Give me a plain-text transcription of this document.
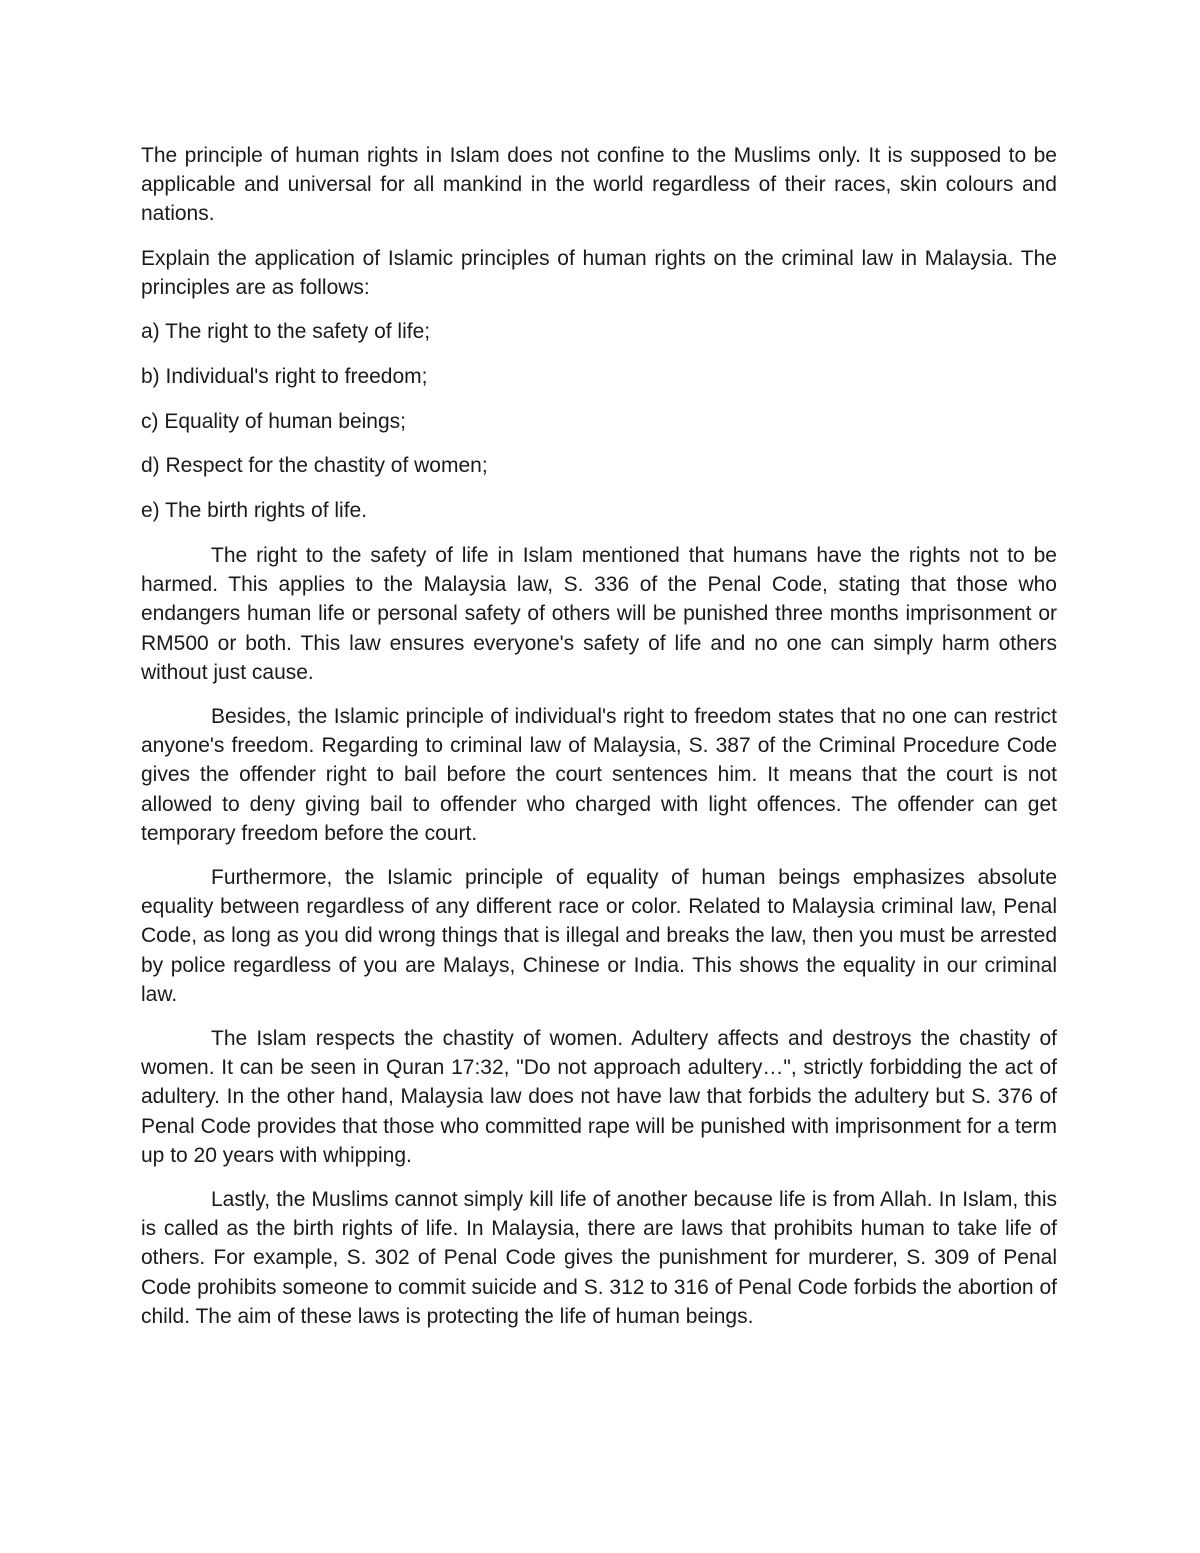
The principle of human rights in Islam does not confine to the Muslims only. It is supposed to be applicable and universal for all mankind in the world regardless of their races, skin colours and nations.

Explain the application of Islamic principles of human rights on the criminal law in Malaysia. The principles are as follows:

a) The right to the safety of life;

b) Individual's right to freedom;

c) Equality of human beings;

d) Respect for the chastity of women;

e) The birth rights of life.

The right to the safety of life in Islam mentioned that humans have the rights not to be harmed. This applies to the Malaysia law, S. 336 of the Penal Code, stating that those who endangers human life or personal safety of others will be punished three months imprisonment or RM500 or both. This law ensures everyone's safety of life and no one can simply harm others without just cause.

Besides, the Islamic principle of individual's right to freedom states that no one can restrict anyone's freedom. Regarding to criminal law of Malaysia, S. 387 of the Criminal Procedure Code gives the offender right to bail before the court sentences him. It means that the court is not allowed to deny giving bail to offender who charged with light offences. The offender can get temporary freedom before the court.

Furthermore, the Islamic principle of equality of human beings emphasizes absolute equality between regardless of any different race or color. Related to Malaysia criminal law, Penal Code, as long as you did wrong things that is illegal and breaks the law, then you must be arrested by police regardless of you are Malays, Chinese or India. This shows the equality in our criminal law.

The Islam respects the chastity of women. Adultery affects and destroys the chastity of women. It can be seen in Quran 17:32, "Do not approach adultery…", strictly forbidding the act of adultery. In the other hand, Malaysia law does not have law that forbids the adultery but S. 376 of Penal Code provides that those who committed rape will be punished with imprisonment for a term up to 20 years with whipping.

Lastly, the Muslims cannot simply kill life of another because life is from Allah. In Islam, this is called as the birth rights of life. In Malaysia, there are laws that prohibits human to take life of others. For example, S. 302 of Penal Code gives the punishment for murderer, S. 309 of Penal Code prohibits someone to commit suicide and S. 312 to 316 of Penal Code forbids the abortion of child. The aim of these laws is protecting the life of human beings.
